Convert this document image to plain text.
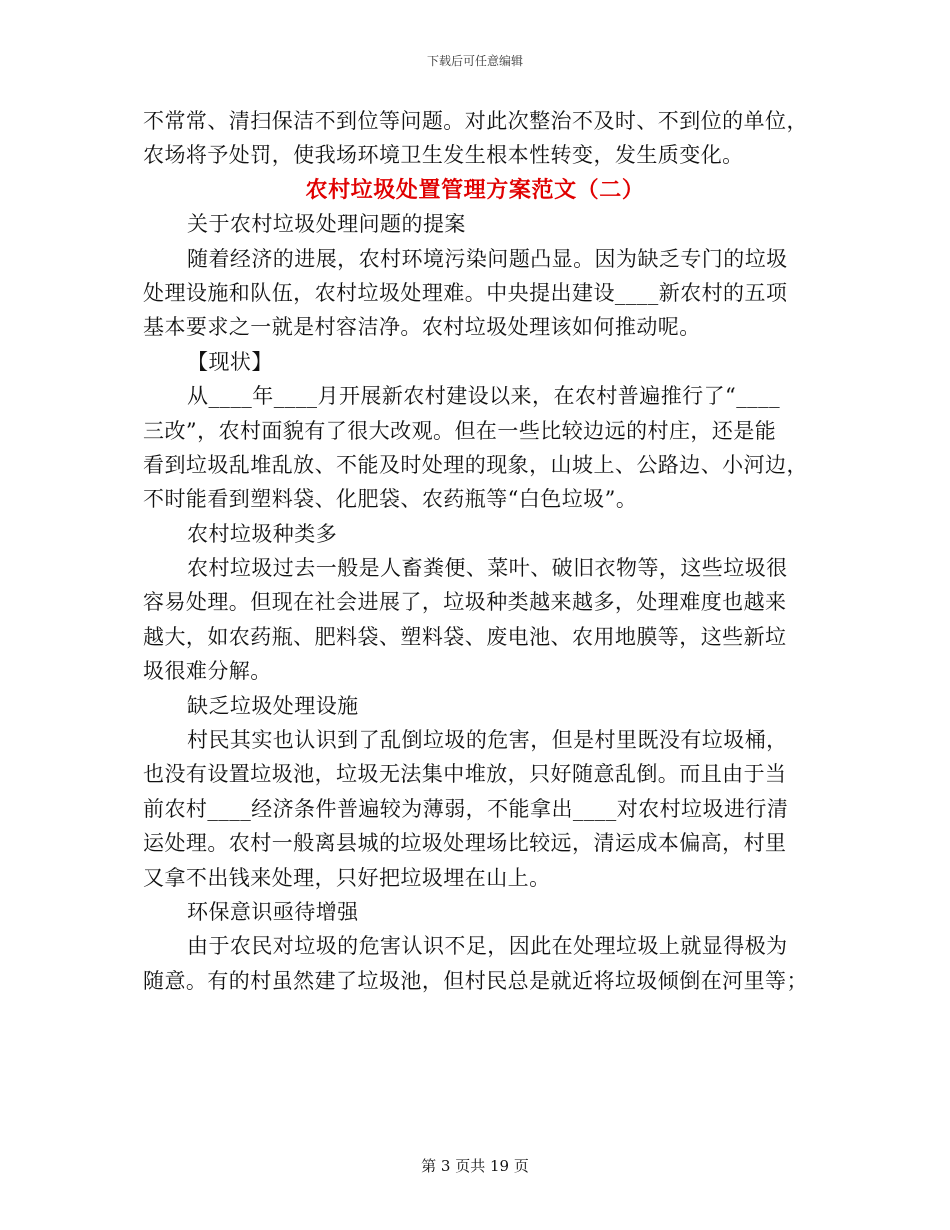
下载后可任意编辑
不常常、清扫保洁不到位等问题。对此次整治不及时、不到位的单位，
农场将予处罚，使我场环境卫生发生根本性转变，发生质变化。
农村垃圾处置管理方案范文（二）
关于农村垃圾处理问题的提案
随着经济的进展，农村环境污染问题凸显。因为缺乏专门的垃圾
处理设施和队伍，农村垃圾处理难。中央提出建设____新农村的五项
基本要求之一就是村容洁净。农村垃圾处理该如何推动呢。
【现状】
从____年____月开展新农村建设以来，在农村普遍推行了“____
三改”，农村面貌有了很大改观。但在一些比较边远的村庄，还是能
看到垃圾乱堆乱放、不能及时处理的现象，山坡上、公路边、小河边，
不时能看到塑料袋、化肥袋、农药瓶等“白色垃圾”。
农村垃圾种类多
农村垃圾过去一般是人畜粪便、菜叶、破旧衣物等，这些垃圾很
容易处理。但现在社会进展了，垃圾种类越来越多，处理难度也越来
越大，如农药瓶、肥料袋、塑料袋、废电池、农用地膜等，这些新垃
圾很难分解。
缺乏垃圾处理设施
村民其实也认识到了乱倒垃圾的危害，但是村里既没有垃圾桶，
也没有设置垃圾池，垃圾无法集中堆放，只好随意乱倒。而且由于当
前农村____经济条件普遍较为薄弱，不能拿出____对农村垃圾进行清
运处理。农村一般离县城的垃圾处理场比较远，清运成本偏高，村里
又拿不出钱来处理，只好把垃圾埋在山上。
环保意识亟待增强
由于农民对垃圾的危害认识不足，因此在处理垃圾上就显得极为
随意。有的村虽然建了垃圾池，但村民总是就近将垃圾倾倒在河里等；
第 3 页共 19 页
